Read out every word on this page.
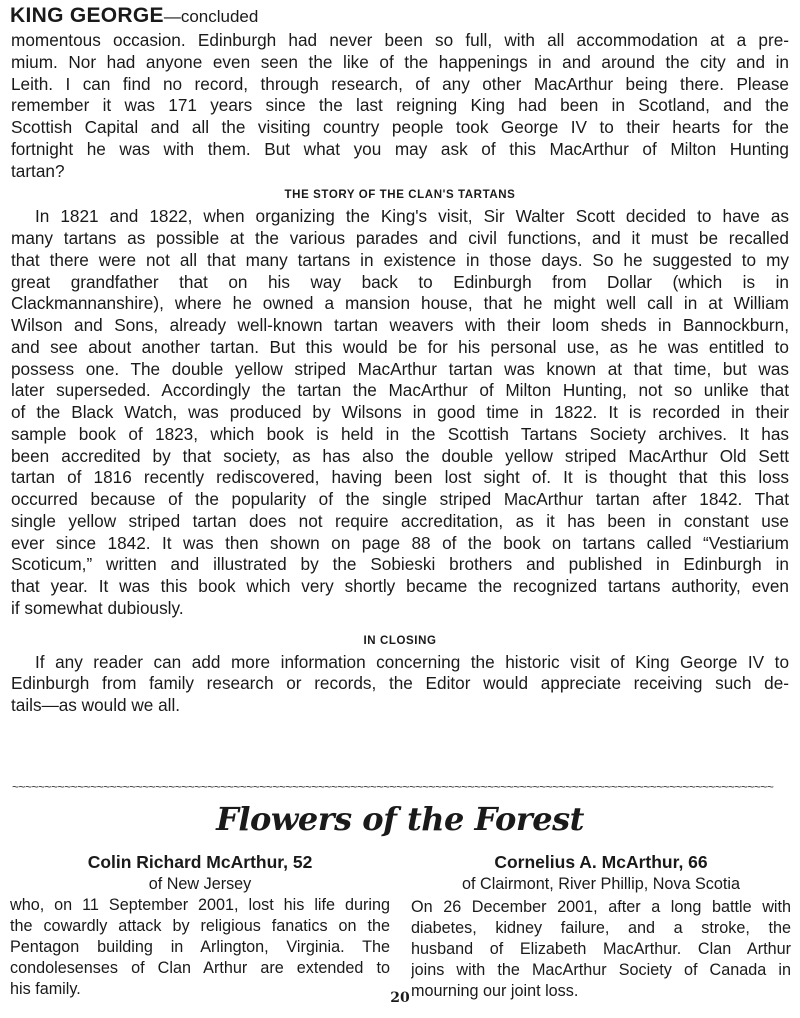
KING GEORGE—concluded
momentous occasion. Edinburgh had never been so full, with all accommodation at a pre-
mium. Nor had anyone even seen the like of the happenings in and around the city and in
Leith. I can find no record, through research, of any other MacArthur being there. Please
remember it was 171 years since the last reigning King had been in Scotland, and the
Scottish Capital and all the visiting country people took George IV to their hearts for the
fortnight he was with them. But what you may ask of this MacArthur of Milton Hunting
tartan?
THE STORY OF THE CLAN'S TARTANS
In 1821 and 1822, when organizing the King's visit, Sir Walter Scott decided to have as
many tartans as possible at the various parades and civil functions, and it must be recalled
that there were not all that many tartans in existence in those days. So he suggested to my
great grandfather that on his way back to Edinburgh from Dollar (which is in
Clackmannanshire), where he owned a mansion house, that he might well call in at William
Wilson and Sons, already well-known tartan weavers with their loom sheds in Bannockburn,
and see about another tartan. But this would be for his personal use, as he was entitled to
possess one. The double yellow striped MacArthur tartan was known at that time, but was
later superseded. Accordingly the tartan the MacArthur of Milton Hunting, not so unlike that
of the Black Watch, was produced by Wilsons in good time in 1822. It is recorded in their
sample book of 1823, which book is held in the Scottish Tartans Society archives. It has
been accredited by that society, as has also the double yellow striped MacArthur Old Sett
tartan of 1816 recently rediscovered, having been lost sight of. It is thought that this loss
occurred because of the popularity of the single striped MacArthur tartan after 1842. That
single yellow striped tartan does not require accreditation, as it has been in constant use
ever since 1842. It was then shown on page 88 of the book on tartans called “Vestiarium
Scoticum,” written and illustrated by the Sobieski brothers and published in Edinburgh in
that year. It was this book which very shortly became the recognized tartans authority, even
if somewhat dubiously.
IN CLOSING
If any reader can add more information concerning the historic visit of King George IV to
Edinburgh from family research or records, the Editor would appreciate receiving such de-
tails—as would we all.
~~~~~~~~~~~~~~~~~~~~~~~~~~~~~~~~~~~~~~~~~~~~~~~~~~~~~~~~~~~~~~~~~~~~~~~~~~~~~~~~~~~~~~~~~~~~~~~~~~~~~~~~~~~~~~~~~~~~~
Flowers of the Forest
Colin Richard McArthur, 52
of New Jersey
who, on 11 September 2001, lost his life during
the cowardly attack by religious fanatics on the
Pentagon building in Arlington, Virginia. The
condolesenses of Clan Arthur are extended to
his family.
Cornelius A. McArthur, 66
of Clairmont, River Phillip, Nova Scotia
On 26 December 2001, after a long battle with
diabetes, kidney failure, and a stroke, the
husband of Elizabeth MacArthur. Clan Arthur
joins with the MacArthur Society of Canada in
mourning our joint loss.
20
